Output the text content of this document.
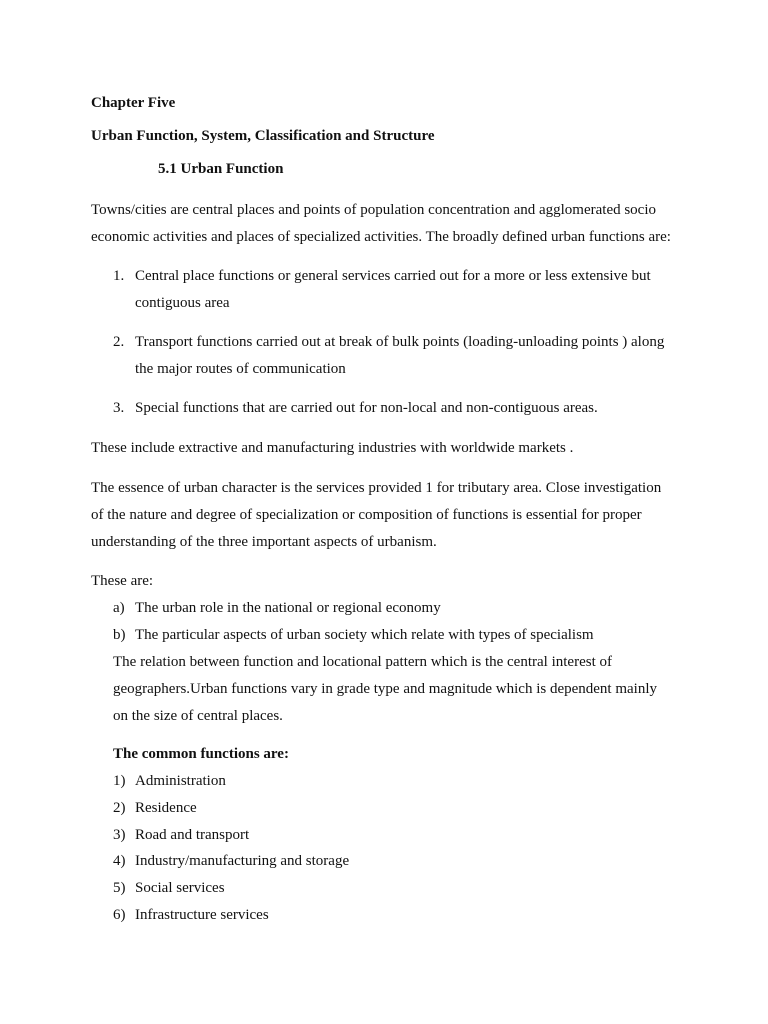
Chapter Five
Urban Function, System, Classification and Structure
5.1 Urban Function
Towns/cities are central places and points of population concentration and agglomerated socio
economic activities and places of specialized activities. The broadly defined urban functions are:
1. Central place functions or general services carried out for a more or less extensive but
contiguous area
2. Transport functions carried out at break of bulk points (loading-unloading points ) along
the major routes of communication
3. Special functions that are carried out for non-local and non-contiguous areas.
These include extractive and manufacturing industries with worldwide markets .
The essence of urban character is the services provided 1 for tributary area. Close investigation
of the nature and degree of specialization or composition of functions is essential for proper
understanding of the three important aspects of urbanism.
These are:
a) The urban role in the national or regional economy
b) The particular aspects of urban society which relate with types of specialism
The relation between function and locational pattern which is the central interest of
geographers.Urban functions vary in grade type and magnitude which is dependent mainly
on the size of central places.
The common functions are:
1) Administration
2) Residence
3) Road and transport
4) Industry/manufacturing and storage
5) Social services
6) Infrastructure services
